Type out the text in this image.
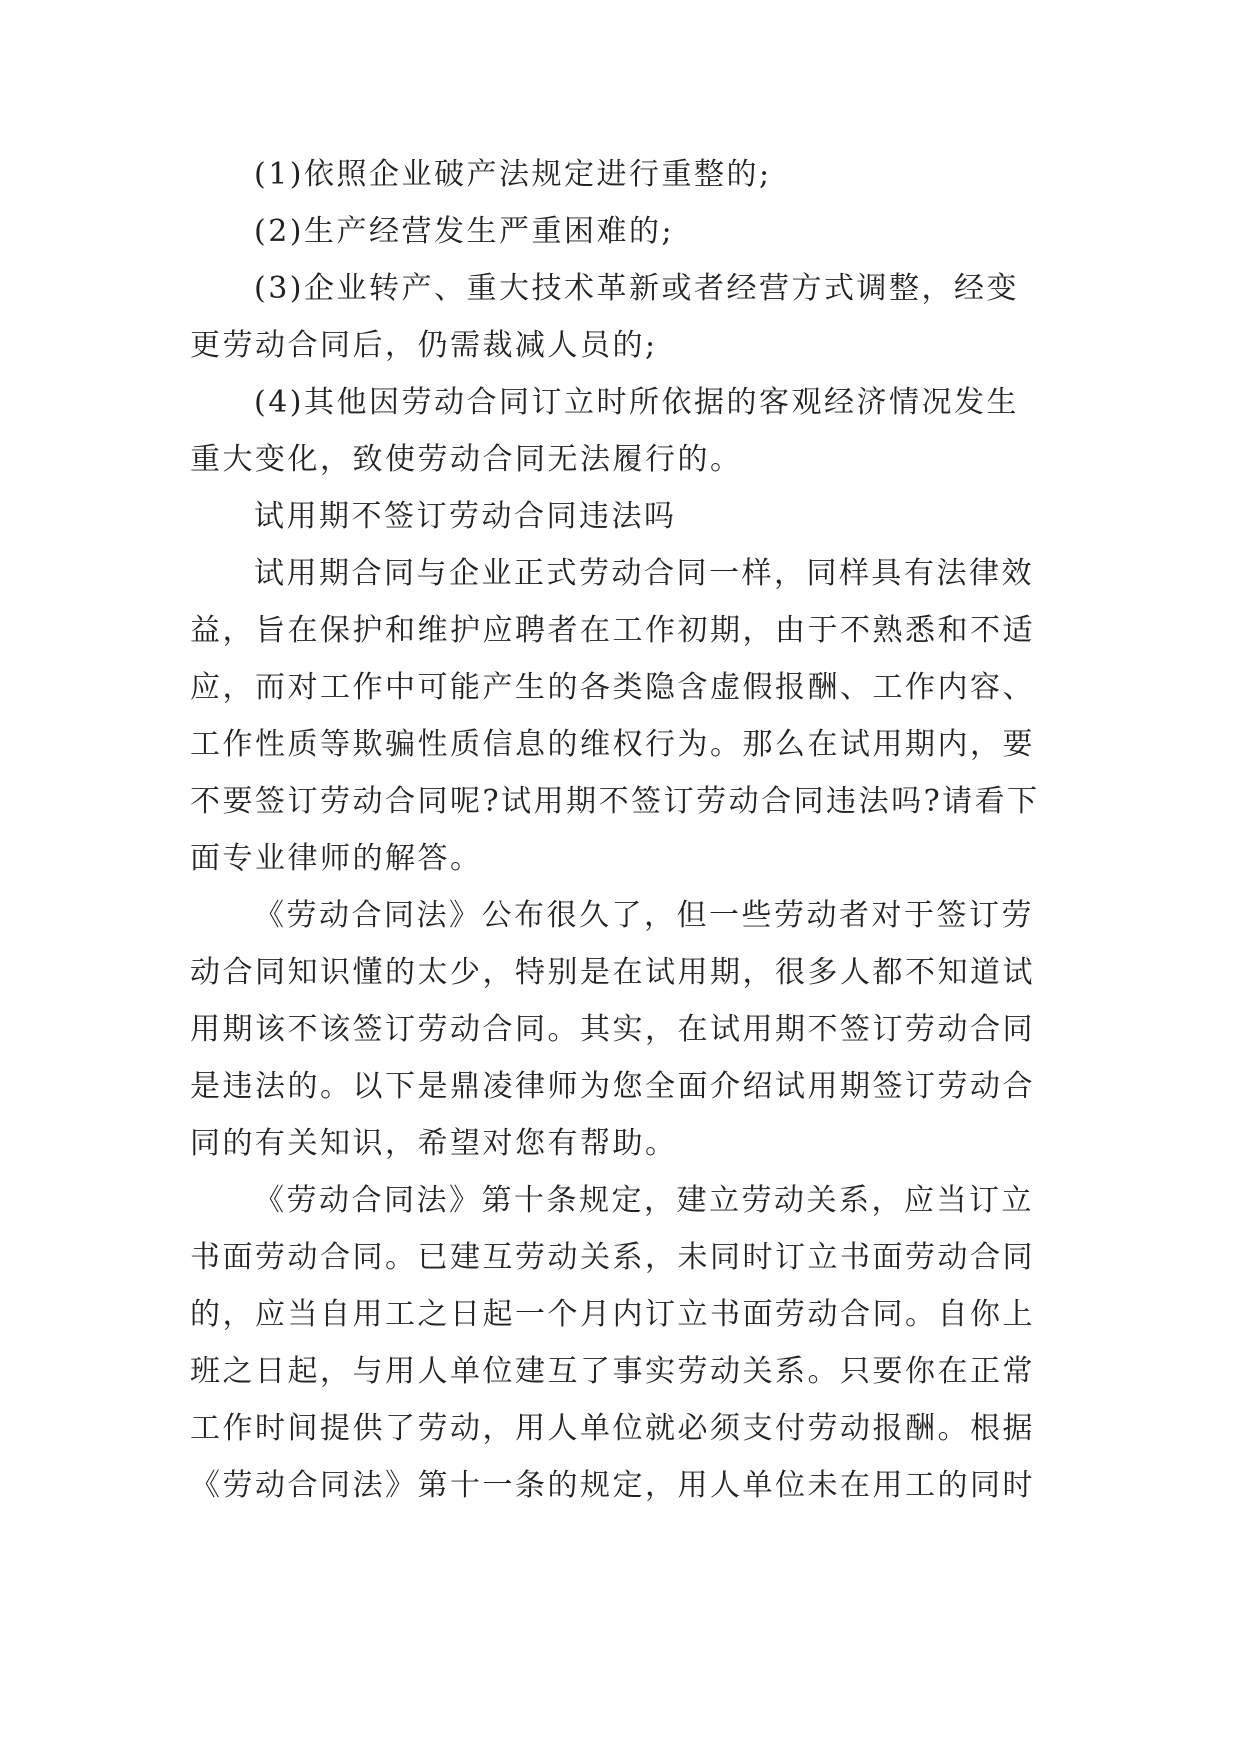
(1)依照企业破产法规定进行重整的;
(2)生产经营发生严重困难的;
(3)企业转产、重大技术革新或者经营方式调整，经变
更劳动合同后，仍需裁减人员的;
(4)其他因劳动合同订立时所依据的客观经济情况发生
重大变化，致使劳动合同无法履行的。
试用期不签订劳动合同违法吗
试用期合同与企业正式劳动合同一样，同样具有法律效
益，旨在保护和维护应聘者在工作初期，由于不熟悉和不适
应，而对工作中可能产生的各类隐含虚假报酬、工作内容、
工作性质等欺骗性质信息的维权行为。那么在试用期内，要
不要签订劳动合同呢?试用期不签订劳动合同违法吗?请看下
面专业律师的解答。
《劳动合同法》公布很久了，但一些劳动者对于签订劳
动合同知识懂的太少，特别是在试用期，很多人都不知道试
用期该不该签订劳动合同。其实，在试用期不签订劳动合同
是违法的。以下是鼎凌律师为您全面介绍试用期签订劳动合
同的有关知识，希望对您有帮助。
《劳动合同法》第十条规定，建立劳动关系，应当订立
书面劳动合同。已建互劳动关系，未同时订立书面劳动合同
的，应当自用工之日起一个月内订立书面劳动合同。自你上
班之日起，与用人单位建互了事实劳动关系。只要你在正常
工作时间提供了劳动，用人单位就必须支付劳动报酬。根据
《劳动合同法》第十一条的规定，用人单位未在用工的同时
